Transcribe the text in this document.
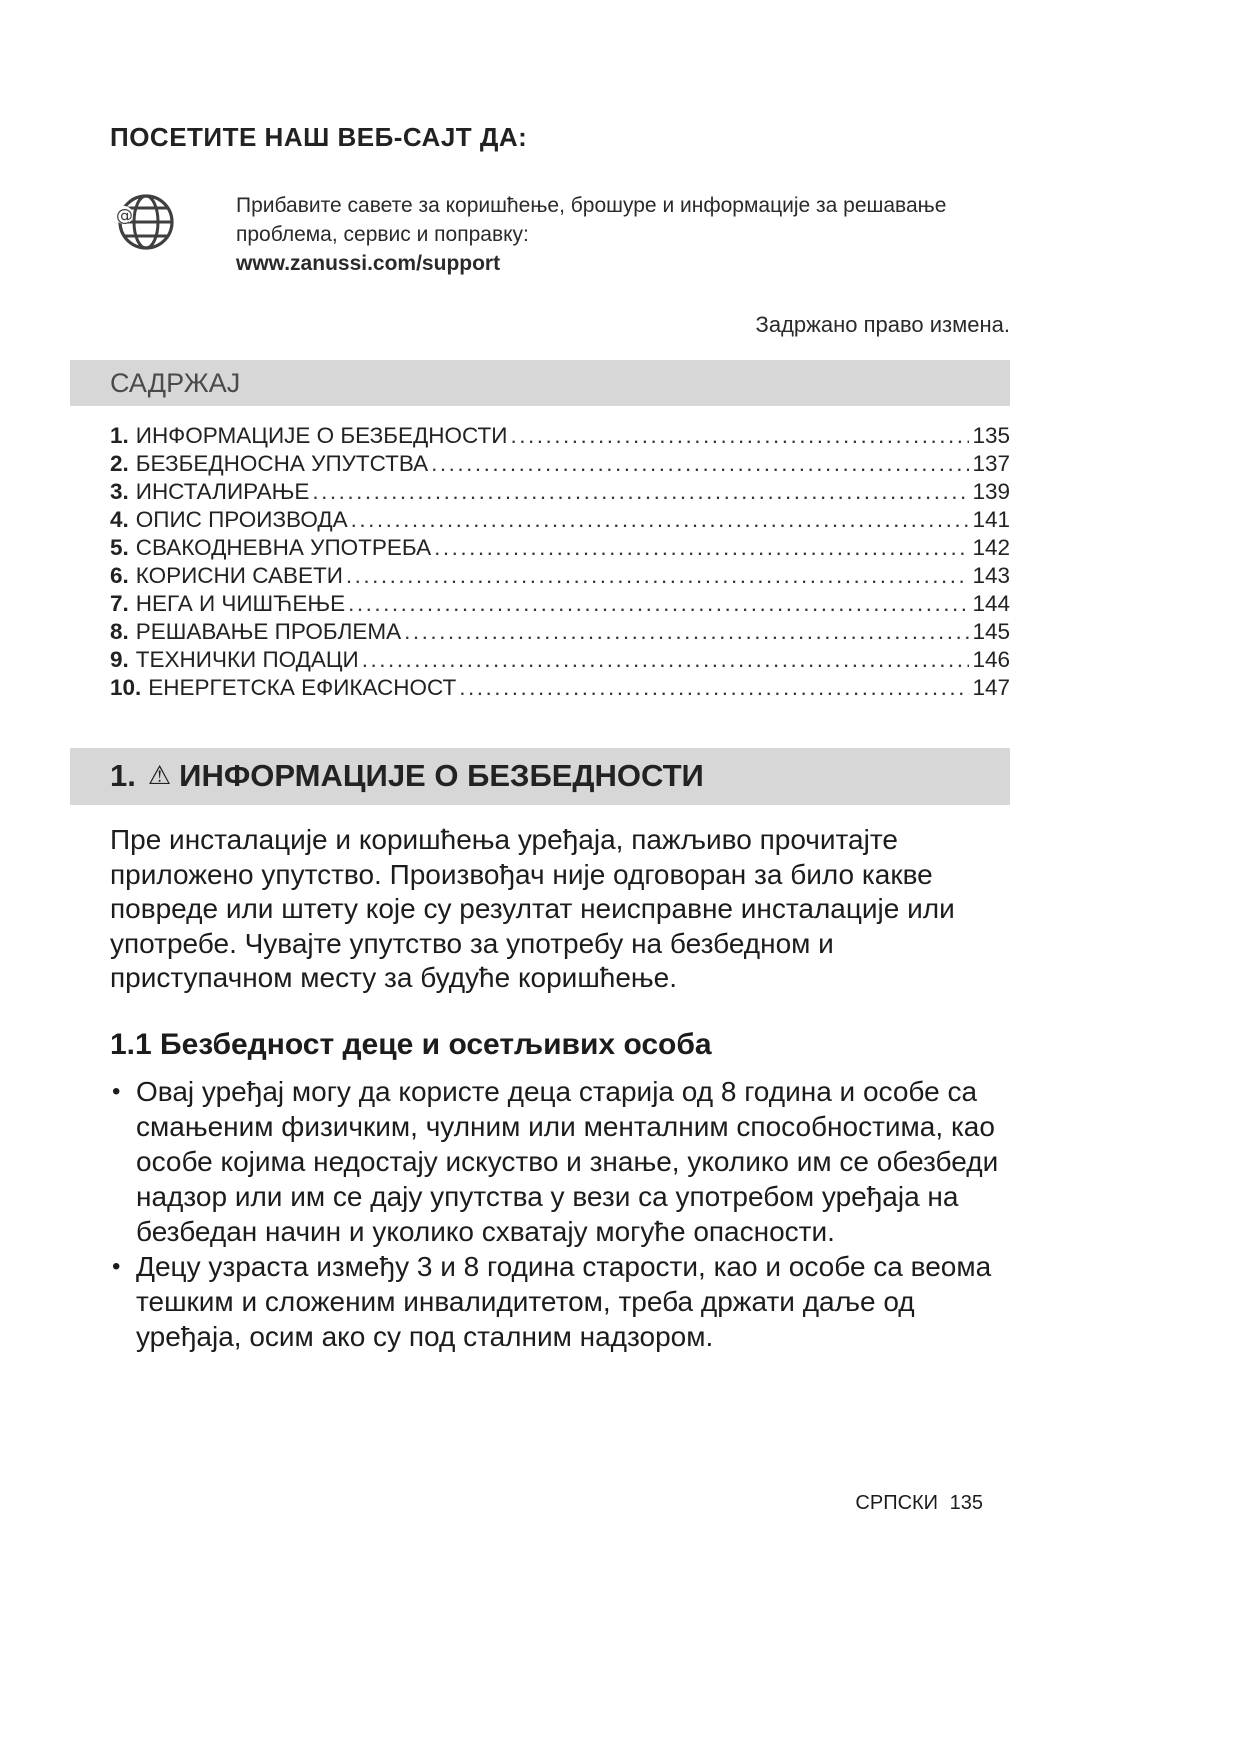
ПОСЕТИТЕ НАШ ВЕБ-САЈТ ДА:
@	Прибавите савете за коришћење, брошуре и информације за решавање проблема, сервис и поправку:
www.zanussi.com/support
Задржано право измена.
САДРЖАЈ
1. ИНФОРМАЦИЈЕ О БЕЗБЕДНОСТИ .....	135
2. БЕЗБЕДНОСНА УПУТСТВА .....	137
3. ИНСТАЛИРАЊЕ .....	139
4. ОПИС ПРОИЗВОДА .....	141
5. СВАКОДНЕВНА УПОТРЕБА .....	142
6. КОРИСНИ САВЕТИ .....	143
7. НЕГА И ЧИШЋЕЊЕ .....	144
8. РЕШАВАЊЕ ПРОБЛЕМА .....	145
9. ТЕХНИЧКИ ПОДАЦИ .....	146
10. ЕНЕРГЕТСКА ЕФИКАСНОСТ .....	147
1. ⚠ ИНФОРМАЦИЈЕ О БЕЗБЕДНОСТИ
Пре инсталације и коришћења уређаја, пажљиво прочитајте приложено упутство. Произвођач није одговоран за било какве повреде или штету које су резултат неисправне инсталације или употребе. Чувајте упутство за употребу на безбедном и приступачном месту за будуће коришћење.
1.1 Безбедност деце и осетљивих особа
• Овај уређај могу да користе деца старија од 8 година и особе са смањеним физичким, чулним или менталним способностима, као особе којима недостају искуство и знање, уколико им се обезбеди надзор или им се дају упутства у вези са употребом уређаја на безбедан начин и уколико схватају могуће опасности.
• Децу узраста између 3 и 8 година старости, као и особе са веома тешким и сложеним инвалидитетом, треба држати даље од уређаја, осим ако су под сталним надзором.
СРПСКИ 135
